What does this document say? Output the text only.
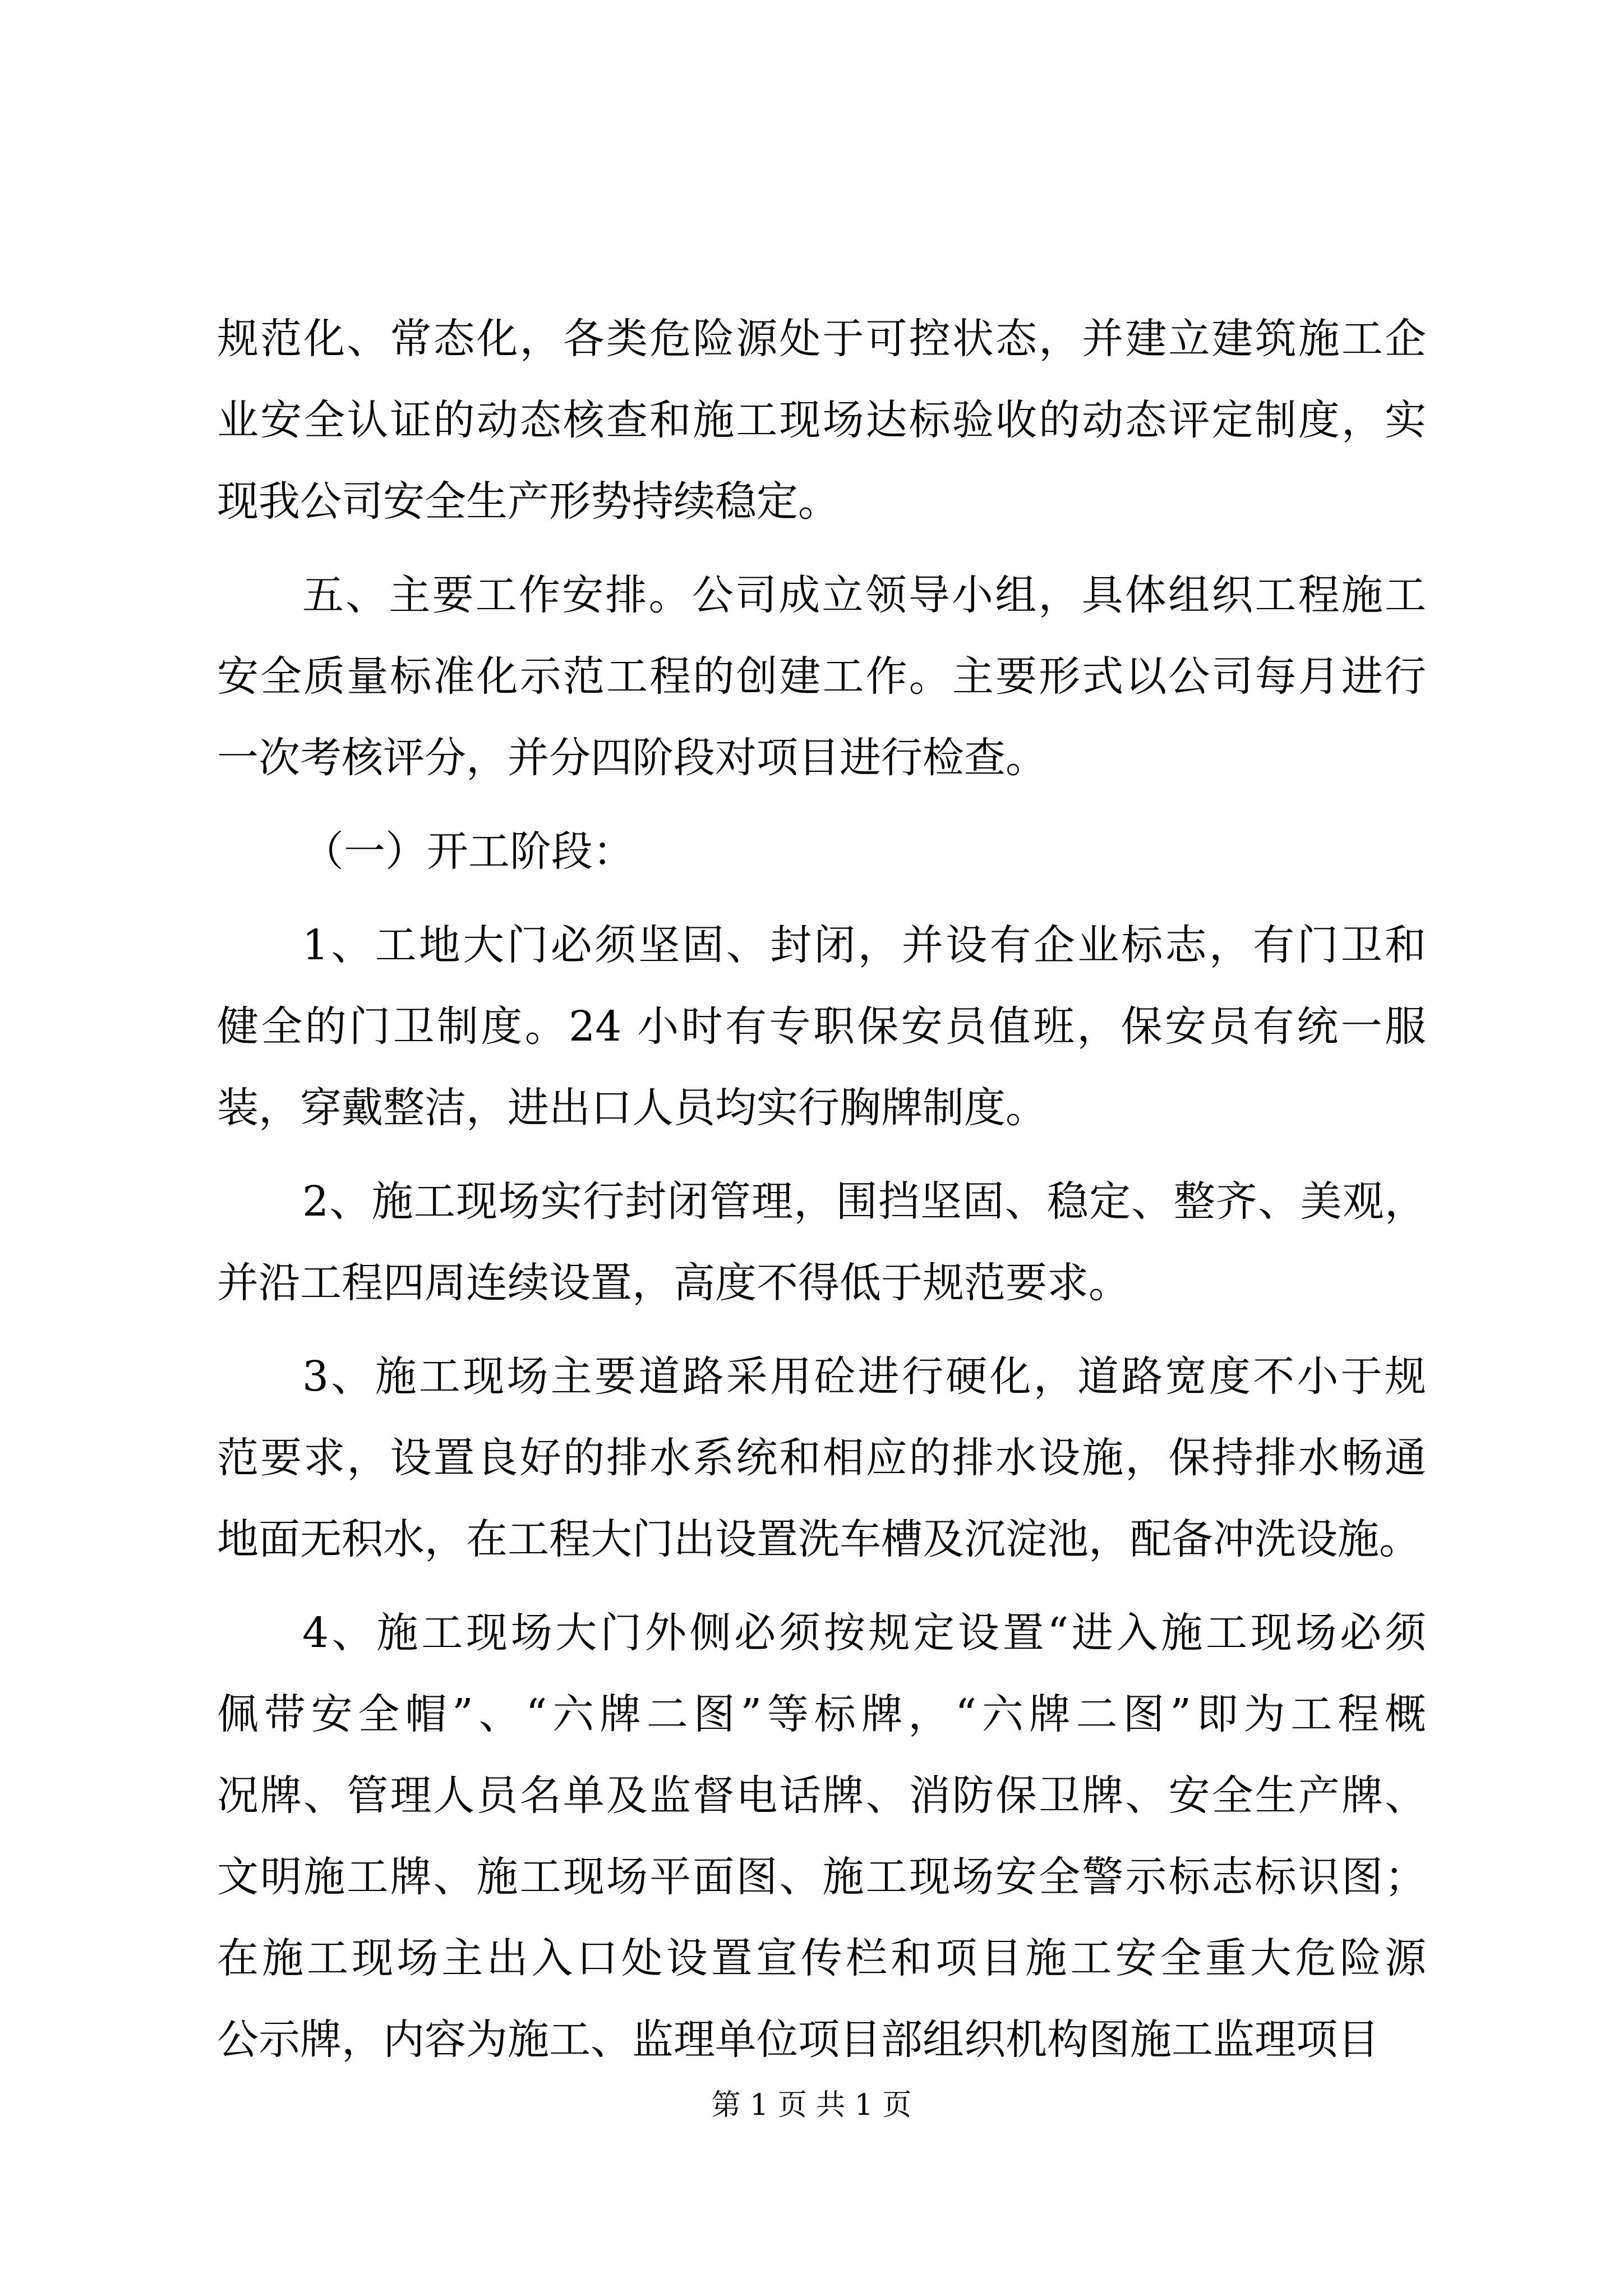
规范化、常态化，各类危险源处于可控状态，并建立建筑施工企
业安全认证的动态核查和施工现场达标验收的动态评定制度，实
现我公司安全生产形势持续稳定。
五、主要工作安排。公司成立领导小组，具体组织工程施工
安全质量标准化示范工程的创建工作。主要形式以公司每月进行
一次考核评分，并分四阶段对项目进行检查。
（一）开工阶段：
1、工地大门必须坚固、封闭，并设有企业标志，有门卫和
健全的门卫制度。24 小时有专职保安员值班，保安员有统一服
装，穿戴整洁，进出口人员均实行胸牌制度。
2、施工现场实行封闭管理，围挡坚固、稳定、整齐、美观，
并沿工程四周连续设置，高度不得低于规范要求。
3、施工现场主要道路采用砼进行硬化，道路宽度不小于规
范要求，设置良好的排水系统和相应的排水设施，保持排水畅通
地面无积水，在工程大门出设置洗车槽及沉淀池，配备冲洗设施。
4、施工现场大门外侧必须按规定设置“进入施工现场必须
佩带安全帽”、“六牌二图”等标牌，“六牌二图”即为工程概
况牌、管理人员名单及监督电话牌、消防保卫牌、安全生产牌、
文明施工牌、施工现场平面图、施工现场安全警示标志标识图；
在施工现场主出入口处设置宣传栏和项目施工安全重大危险源
公示牌，内容为施工、监理单位项目部组织机构图施工监理项目
第 1 页 共 1 页
